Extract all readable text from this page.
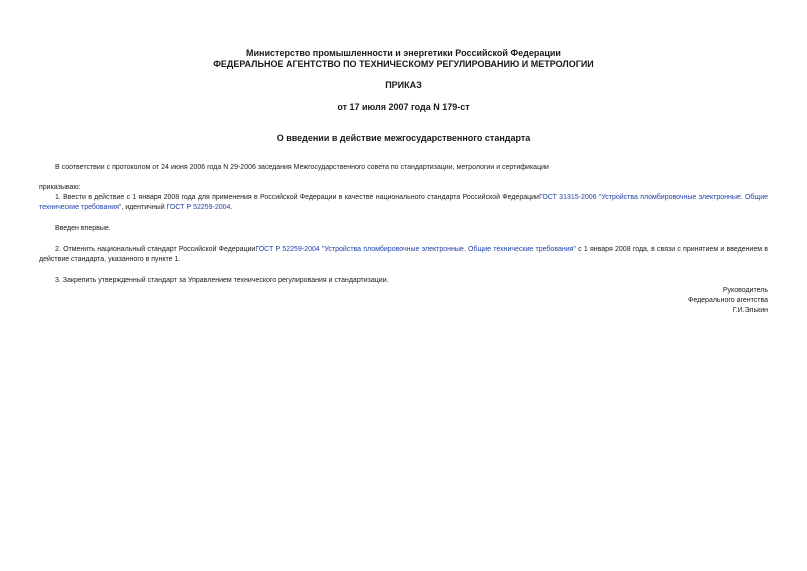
Министерство промышленности и энергетики Российской Федерации
ФЕДЕРАЛЬНОЕ АГЕНТСТВО ПО ТЕХНИЧЕСКОМУ РЕГУЛИРОВАНИЮ И МЕТРОЛОГИИ
ПРИКАЗ
от 17 июля 2007 года N 179-ст
О введении в действие межгосударственного стандарта
В соответствии с протоколом от 24 июня 2006 года N 29-2006 заседания Межгосударственного совета по стандартизации, метрологии и сертификации
приказываю:
1. Ввести в действие с 1 января 2008 года для применения в Российской Федерации в качестве национального стандарта Российской ФедерацииГОСТ 31315-2006 "Устройства пломбировочные электронные. Общие технические требования", идентичный ГОСТ Р 52259-2004.
Введен впервые.
2. Отменить национальный стандарт Российской ФедерацииГОСТ Р 52259-2004 "Устройства пломбировочные электронные. Общие технические требования" с 1 января 2008 года, в связи с принятием и введением в действие стандарта, указанного в пункте 1.
3. Закрепить утвержденный стандарт за Управлением технического регулирования и стандартизации.
Руководитель
Федерального агентства
Г.И.Элькин
